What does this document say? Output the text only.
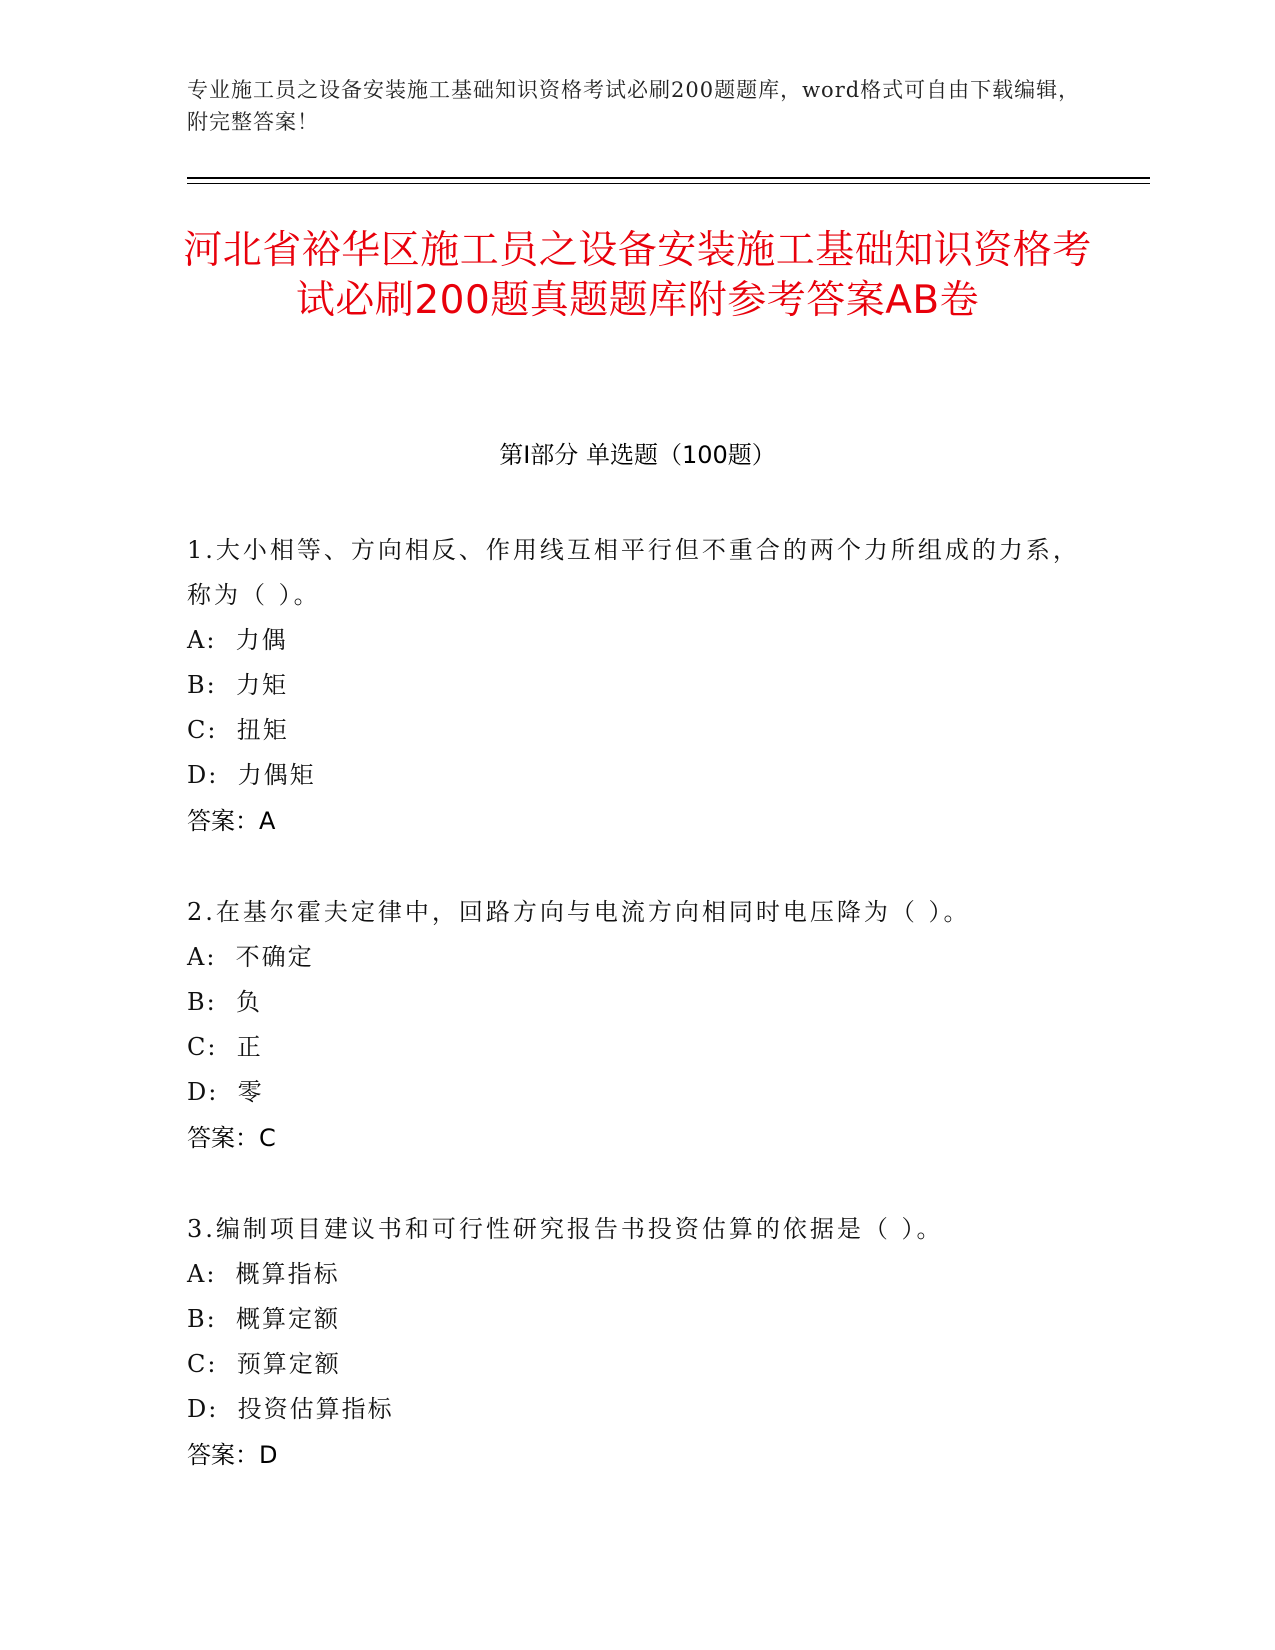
专业施工员之设备安装施工基础知识资格考试必刷200题题库，word格式可自由下载编辑，附完整答案！
河北省裕华区施工员之设备安装施工基础知识资格考试必刷200题真题题库附参考答案AB卷
第I部分 单选题（100题）
1.大小相等、方向相反、作用线互相平行但不重合的两个力所组成的力系，称为（ ）。
A:  力偶
B:  力矩
C:  扭矩
D:  力偶矩
答案：A
2.在基尔霍夫定律中，回路方向与电流方向相同时电压降为（ ）。
A:  不确定
B:  负
C:  正
D:  零
答案：C
3.编制项目建议书和可行性研究报告书投资估算的依据是（ ）。
A:  概算指标
B:  概算定额
C:  预算定额
D:  投资估算指标
答案：D
